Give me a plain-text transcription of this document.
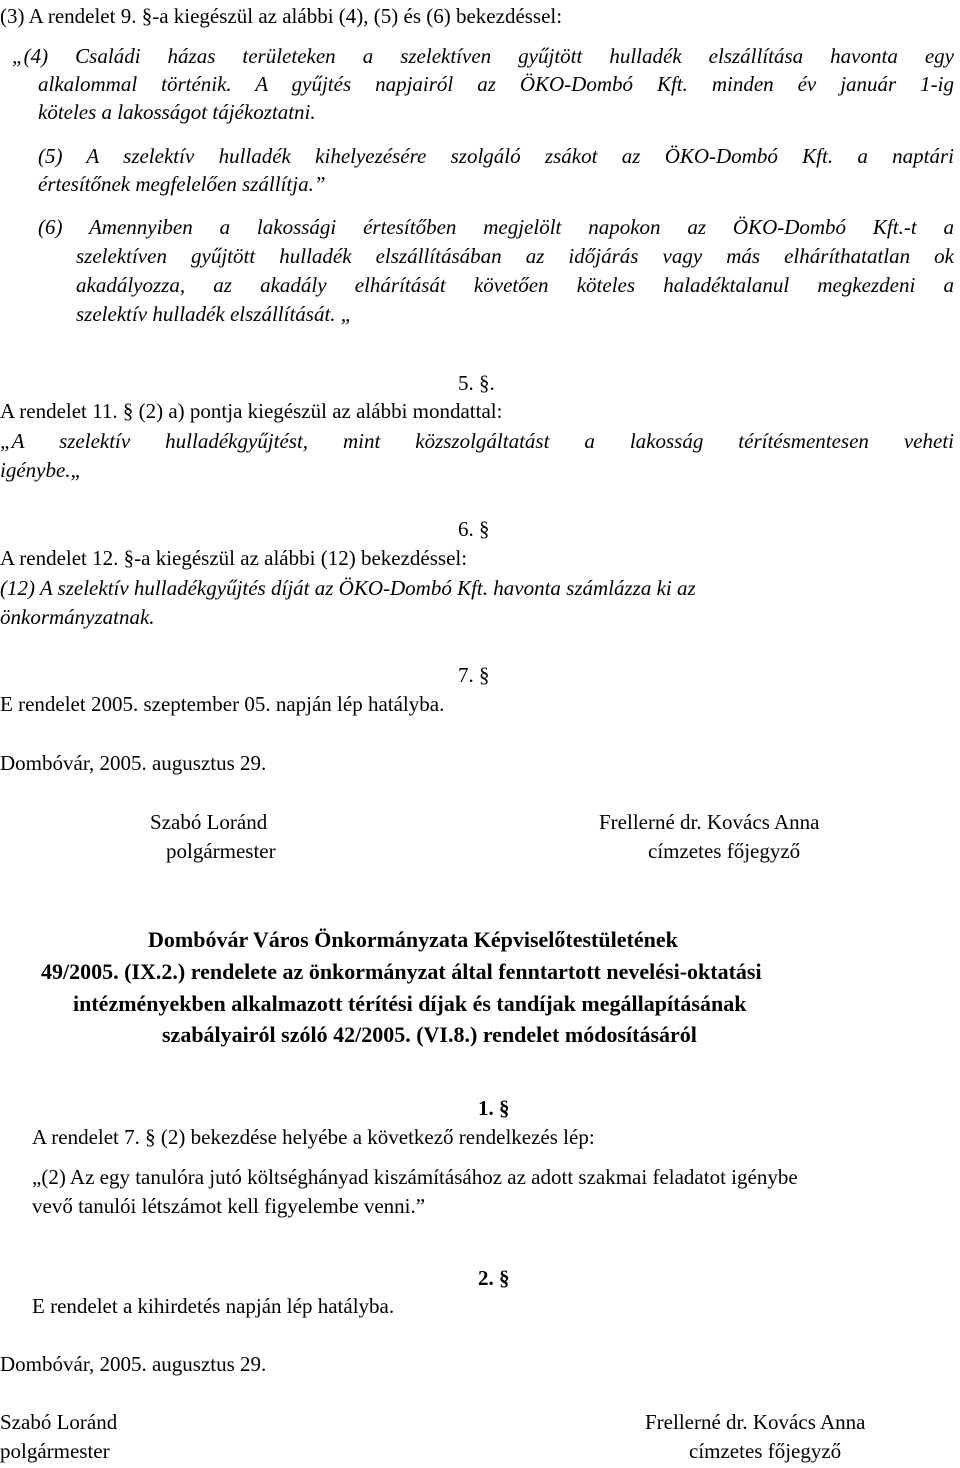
(3) A rendelet 9. §-a kiegészül az alábbi (4), (5) és (6) bekezdéssel:
„(4) Családi házas területeken a szelektíven gyűjtött hulladék elszállítása havonta egy
alkalommal történik. A gyűjtés napjairól az ÖKO-Dombó Kft. minden év január 1-ig
köteles a lakosságot tájékoztatni.
(5) A szelektív hulladék kihelyezésére szolgáló zsákot az ÖKO-Dombó Kft. a naptári
értesítőnek megfelelően szállítja.”
(6) Amennyiben a lakossági értesítőben megjelölt napokon az ÖKO-Dombó Kft.-t a
szelektíven gyűjtött hulladék elszállításában az időjárás vagy más elháríthatatlan ok
akadályozza, az akadály elhárítását követően köteles haladéktalanul megkezdeni a
szelektív hulladék elszállítását. „
5. §.
A rendelet 11. § (2) a) pontja kiegészül az alábbi mondattal:
„A szelektív hulladékgyűjtést, mint közszolgáltatást a lakosság térítésmentesen veheti
igénybe.„
6. §
A rendelet 12. §-a kiegészül az alábbi (12) bekezdéssel:
(12) A szelektív hulladékgyűjtés díját az ÖKO-Dombó Kft. havonta számlázza ki az
önkormányzatnak.
7. §
E rendelet 2005. szeptember 05. napján lép hatályba.
Dombóvár, 2005. augusztus 29.
Szabó Loránd
polgármester
Frellerné dr. Kovács Anna
címzetes főjegyző
Dombóvár Város Önkormányzata Képviselőtestületének
49/2005. (IX.2.) rendelete az önkormányzat által fenntartott nevelési-oktatási
intézményekben alkalmazott térítési díjak és tandíjak megállapításának
szabályairól szóló 42/2005. (VI.8.) rendelet módosításáról
1. §
A rendelet 7. § (2) bekezdése helyébe a következő rendelkezés lép:
„(2) Az egy tanulóra jutó költséghányad kiszámításához az adott szakmai feladatot igénybe
vevő tanulói létszámot kell figyelembe venni.”
2. §
E rendelet a kihirdetés napján lép hatályba.
Dombóvár, 2005. augusztus 29.
Szabó Loránd
polgármester
Frellerné dr. Kovács Anna
címzetes főjegyző
